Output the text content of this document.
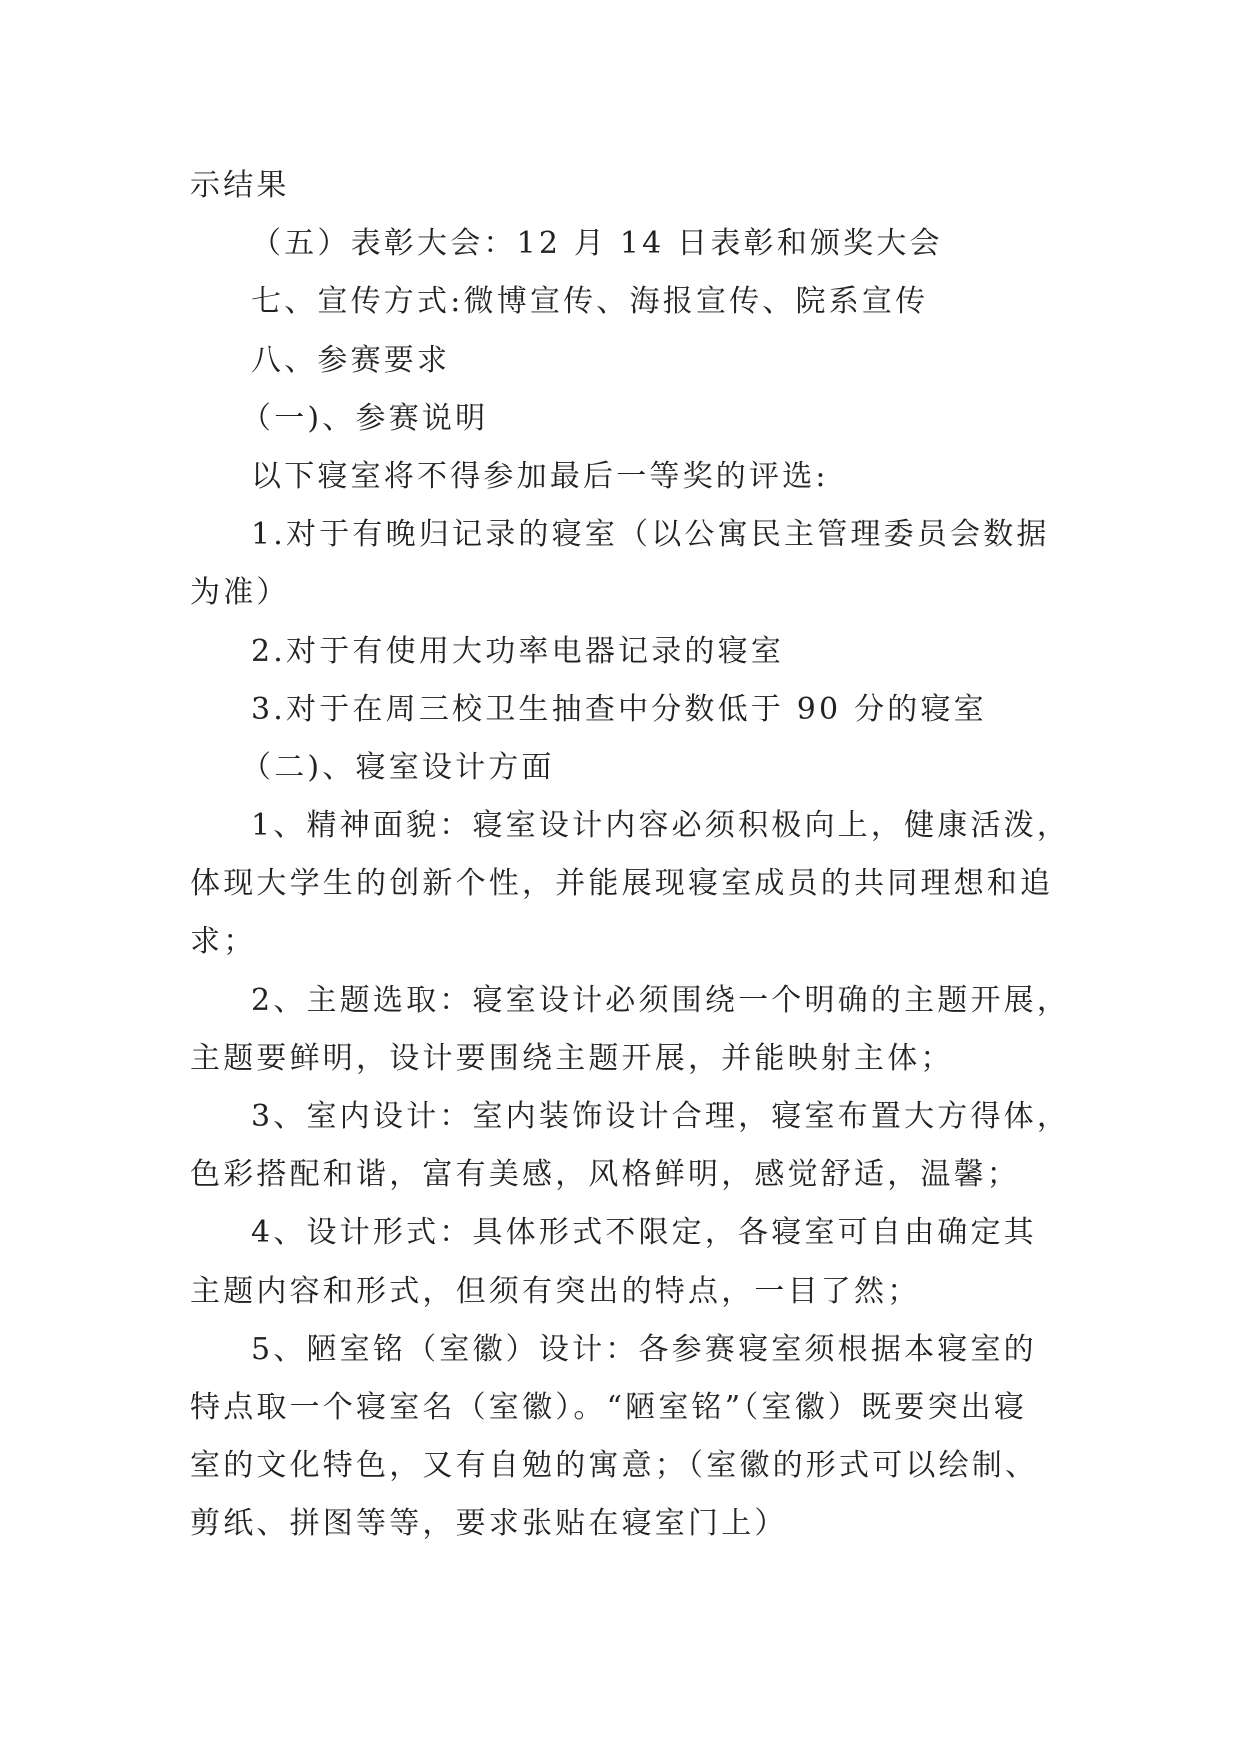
示结果
（五）表彰大会：12 月 14 日表彰和颁奖大会
七、宣传方式:微博宣传、海报宣传、院系宣传
八、参赛要求
（一)、参赛说明
以下寝室将不得参加最后一等奖的评选:
1.对于有晚归记录的寝室（以公寓民主管理委员会数据
为准）
2.对于有使用大功率电器记录的寝室
3.对于在周三校卫生抽查中分数低于 90 分的寝室
（二)、寝室设计方面
1、精神面貌：寝室设计内容必须积极向上，健康活泼，
体现大学生的创新个性，并能展现寝室成员的共同理想和追
求；
2、主题选取：寝室设计必须围绕一个明确的主题开展，
主题要鲜明，设计要围绕主题开展，并能映射主体；
3、室内设计：室内装饰设计合理，寝室布置大方得体，
色彩搭配和谐，富有美感，风格鲜明，感觉舒适，温馨；
4、设计形式：具体形式不限定，各寝室可自由确定其
主题内容和形式，但须有突出的特点，一目了然；
5、陋室铭（室徽）设计：各参赛寝室须根据本寝室的
特点取一个寝室名（室徽）。“陋室铭”（室徽）既要突出寝
室的文化特色，又有自勉的寓意；（室徽的形式可以绘制、
剪纸、拼图等等，要求张贴在寝室门上）
